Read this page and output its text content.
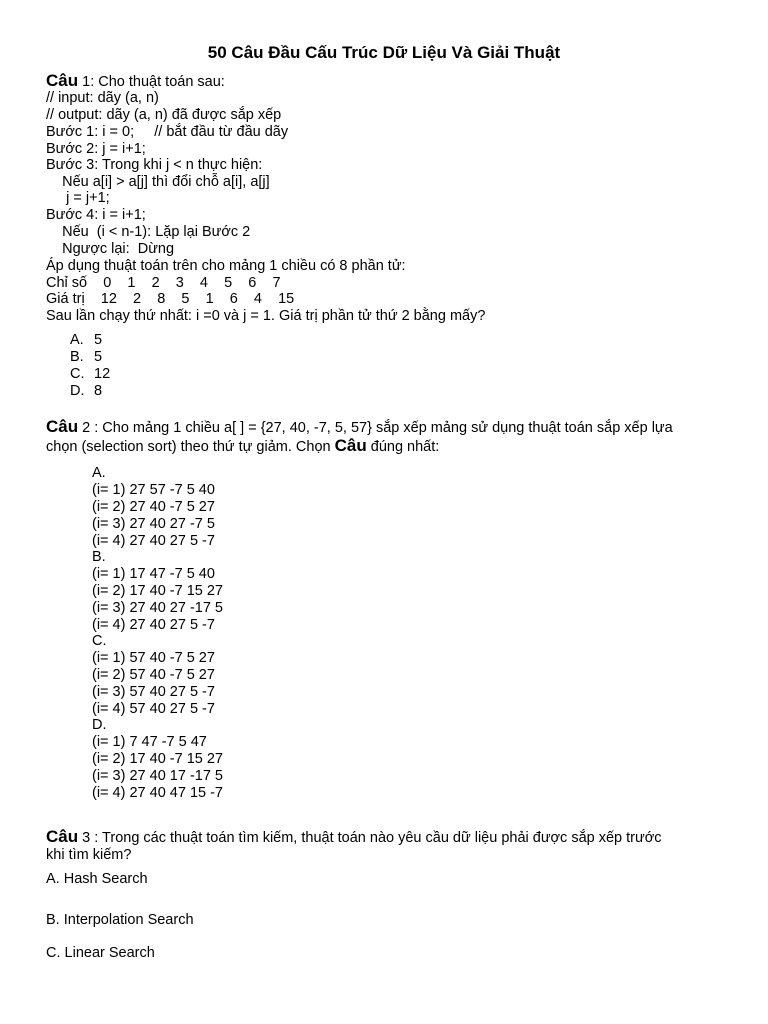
50 Câu Đầu Cấu Trúc Dữ Liệu Và Giải Thuật
Câu 1: Cho thuật toán sau:
// input: dãy (a, n)
// output: dãy (a, n) đã được sắp xếp
Bước 1: i = 0;     // bắt đầu từ đầu dãy
Bước 2: j = i+1;
Bước 3: Trong khi j < n thực hiện:
Nếu a[i] > a[j] thì đổi chỗ a[i], a[j]
j = j+1;
Bước 4: i = i+1;
Nếu  (i < n-1): Lặp lại Bước 2
Ngược lại:  Dừng
Áp dụng thuật toán trên cho mảng 1 chiều có 8 phần tử:
Chỉ số    0    1    2    3    4    5    6    7
Giá trị    12    2    8    5    1    6    4    15
Sau lần chạy thứ nhất: i =0 và j = 1. Giá trị phần tử thứ 2 bằng mấy?
A. 5
B. 5
C. 12
D. 8
Câu 2 : Cho mảng 1 chiều a[ ] = {27, 40, -7, 5, 57} sắp xếp mảng sử dụng thuật toán sắp xếp lựa
chọn (selection sort) theo thứ tự giảm. Chọn Câu đúng nhất:
A.
(i= 1) 27 57 -7 5 40
(i= 2) 27 40 -7 5 27
(i= 3) 27 40 27 -7 5
(i= 4) 27 40 27 5 -7
B.
(i= 1) 17 47 -7 5 40
(i= 2) 17 40 -7 15 27
(i= 3) 27 40 27 -17 5
(i= 4) 27 40 27 5 -7
C.
(i= 1) 57 40 -7 5 27
(i= 2) 57 40 -7 5 27
(i= 3) 57 40 27 5 -7
(i= 4) 57 40 27 5 -7
D.
(i= 1) 7 47 -7 5 47
(i= 2) 17 40 -7 15 27
(i= 3) 27 40 17 -17 5
(i= 4) 27 40 47 15 -7
Câu 3 : Trong các thuật toán tìm kiếm, thuật toán nào yêu cầu dữ liệu phải được sắp xếp trước
khi tìm kiếm?
A. Hash Search
B. Interpolation Search
C. Linear Search
